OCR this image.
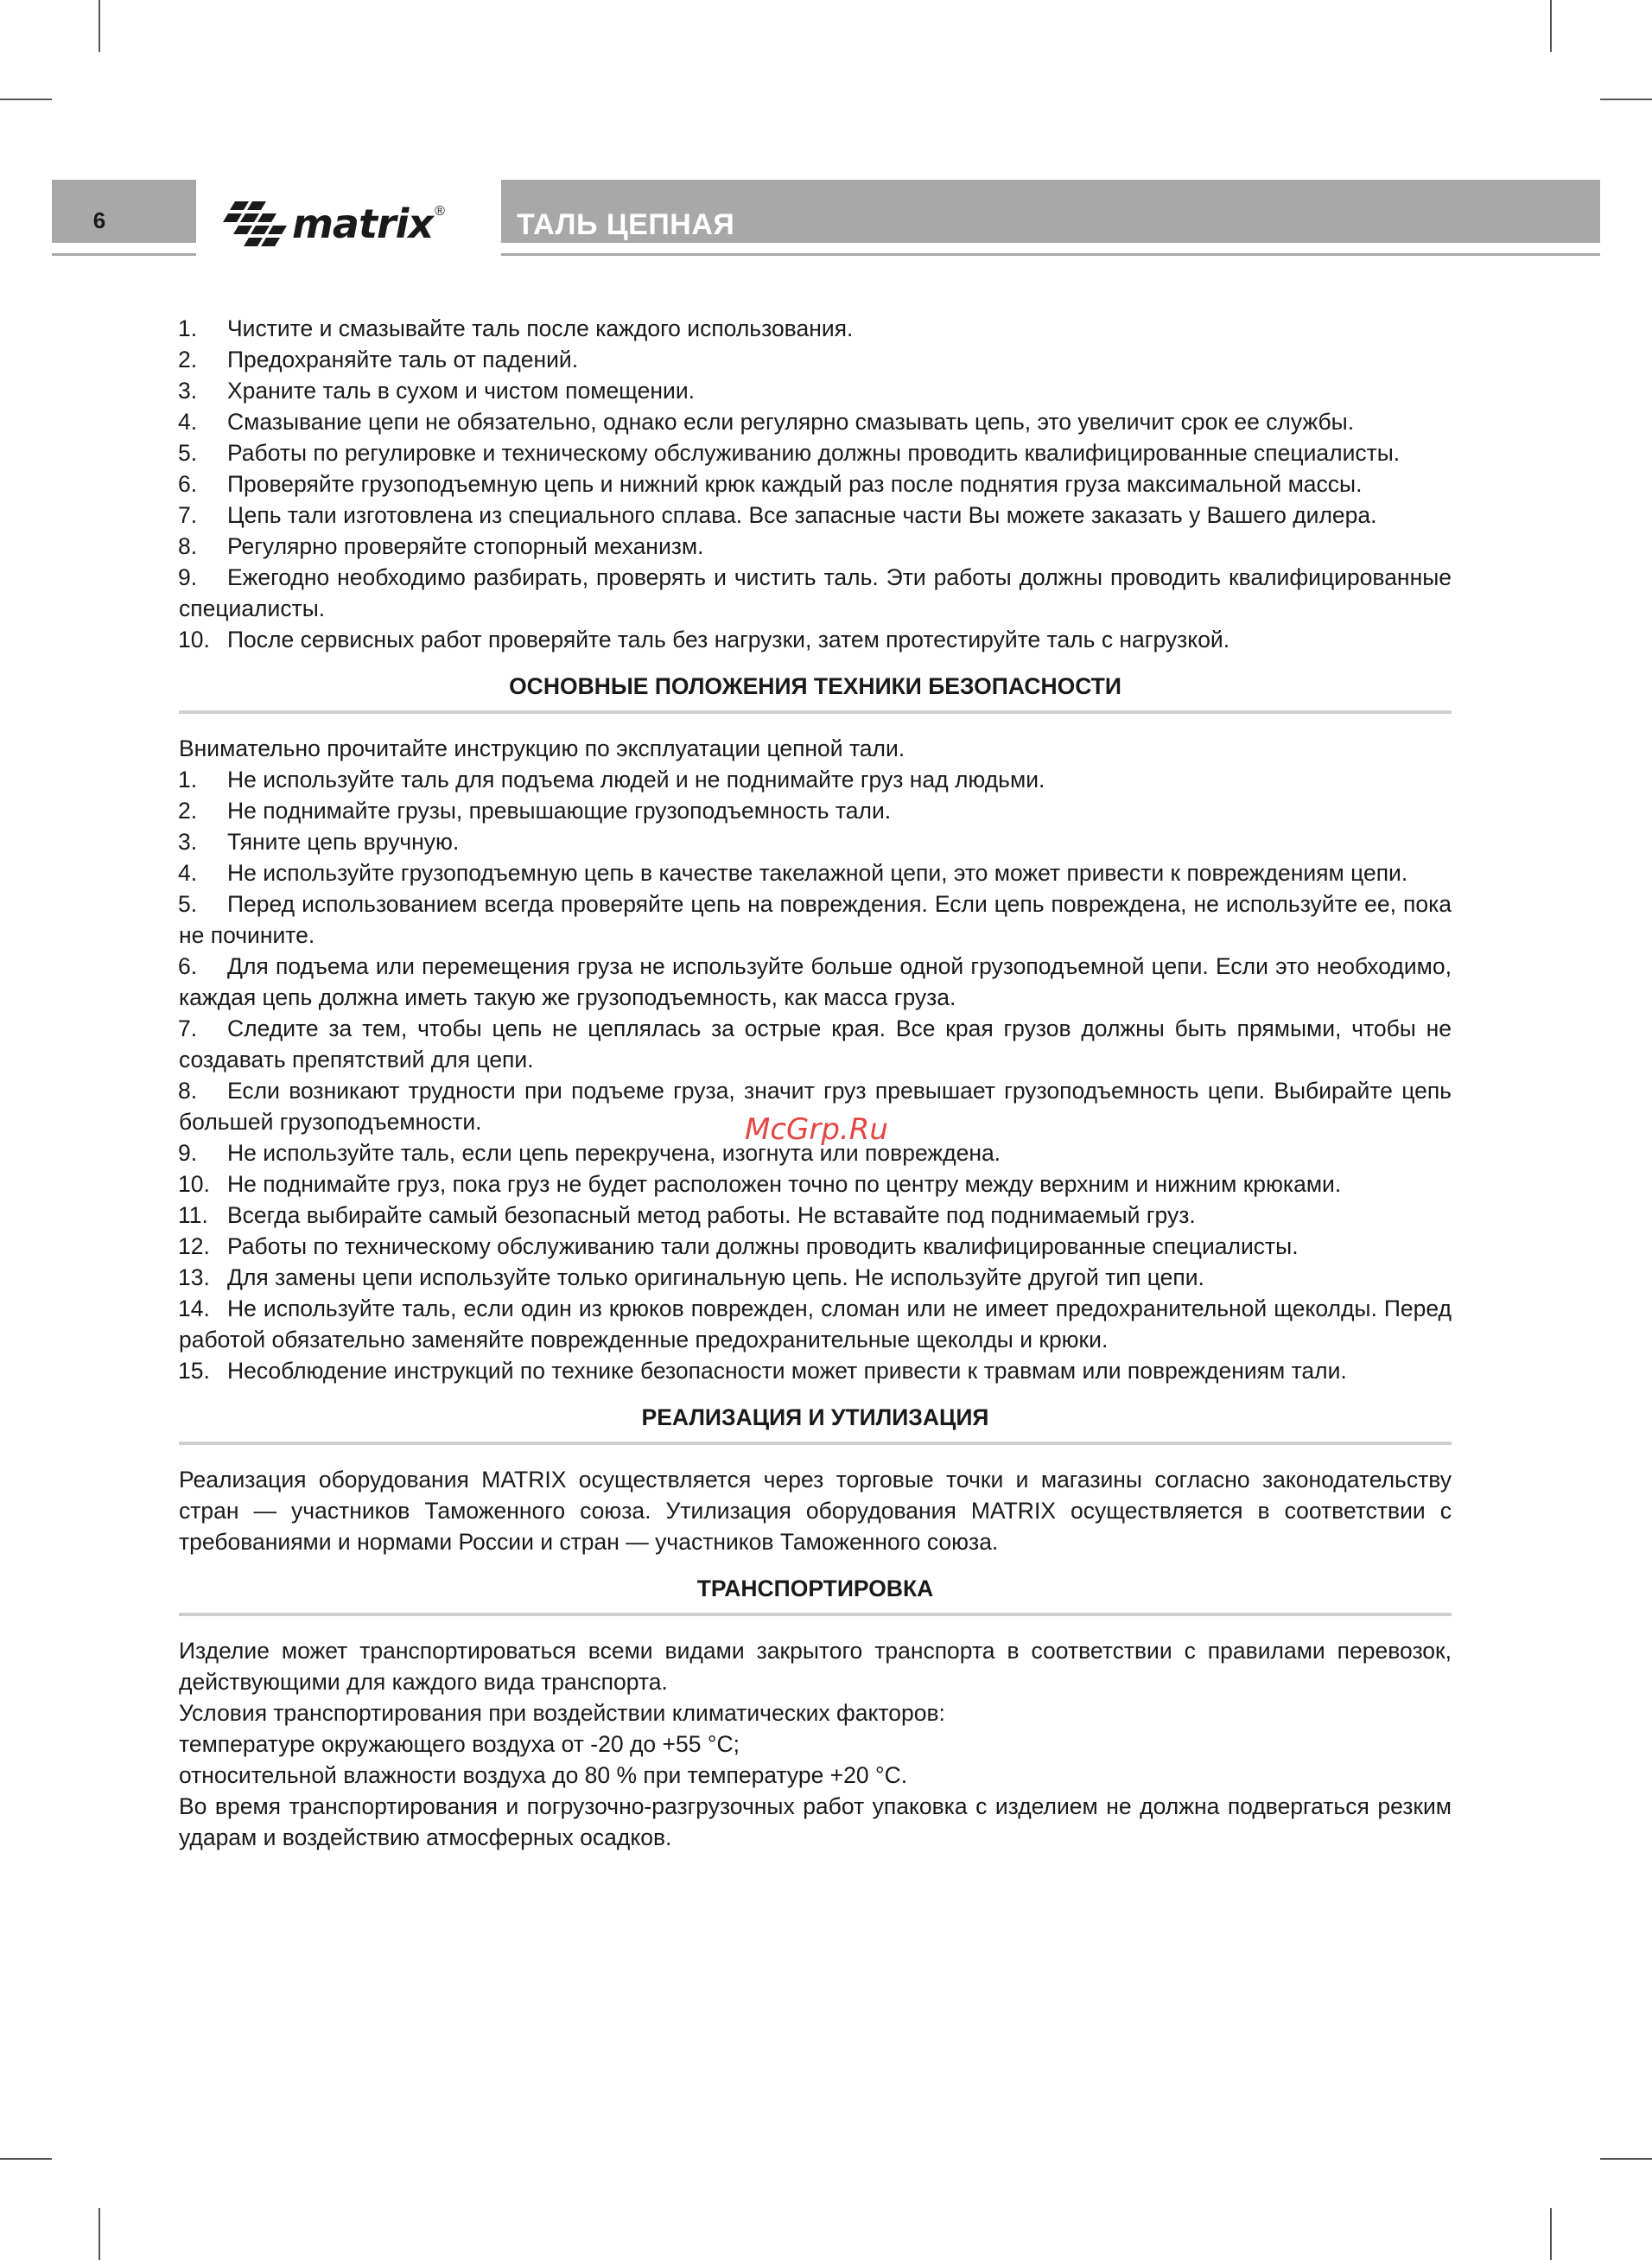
6	matrix ® ТАЛЬ ЦЕПНАЯ
McGrp.Ru
1. Чистите и смазывайте таль после каждого использования.
2. Предохраняйте таль от падений.
3. Храните таль в сухом и чистом помещении.
4. Смазывание цепи не обязательно, однако если регулярно смазывать цепь, это увеличит срок ее службы.
5. Работы по регулировке и техническому обслуживанию должны проводить квалифицированные специалисты.
6. Проверяйте грузоподъемную цепь и нижний крюк каждый раз после поднятия груза максимальной массы.
7. Цепь тали изготовлена из специального сплава. Все запасные части Вы можете заказать у Вашего дилера.
8. Регулярно проверяйте стопорный механизм.
9. Ежегодно необходимо разбирать, проверять и чистить таль. Эти работы должны проводить квалифицированные специалисты.
10. После сервисных работ проверяйте таль без нагрузки, затем протестируйте таль с нагрузкой.
ОСНОВНЫЕ ПОЛОЖЕНИЯ ТЕХНИКИ БЕЗОПАСНОСТИ
Внимательно прочитайте инструкцию по эксплуатации цепной тали.
1. Не используйте таль для подъема людей и не поднимайте груз над людьми.
2. Не поднимайте грузы, превышающие грузоподъемность тали.
3. Тяните цепь вручную.
4. Не используйте грузоподъемную цепь в качестве такелажной цепи, это может привести к повреждениям цепи.
5. Перед использованием всегда проверяйте цепь на повреждения. Если цепь повреждена, не используйте ее, пока не почините.
6. Для подъема или перемещения груза не используйте больше одной грузоподъемной цепи. Если это необходимо, каждая цепь должна иметь такую же грузоподъемность, как масса груза.
7. Следите за тем, чтобы цепь не цеплялась за острые края. Все края грузов должны быть прямыми, чтобы не создавать препятствий для цепи.
8. Если возникают трудности при подъеме груза, значит груз превышает грузоподъемность цепи. Выбирайте цепь большей грузоподъемности.
9. Не используйте таль, если цепь перекручена, изогнута или повреждена.
10. Не поднимайте груз, пока груз не будет расположен точно по центру между верхним и нижним крюками.
11. Всегда выбирайте самый безопасный метод работы. Не вставайте под поднимаемый груз.
12. Работы по техническому обслуживанию тали должны проводить квалифицированные специалисты.
13. Для замены цепи используйте только оригинальную цепь. Не используйте другой тип цепи.
14. Не используйте таль, если один из крюков поврежден, сломан или не имеет предохранительной щеколды. Перед работой обязательно заменяйте поврежденные предохранительные щеколды и крюки.
15. Несоблюдение инструкций по технике безопасности может привести к травмам или повреждениям тали.
РЕАЛИЗАЦИЯ И УТИЛИЗАЦИЯ
Реализация оборудования MATRIX осуществляется через торговые точки и магазины согласно законодательству стран — участников Таможенного союза. Утилизация оборудования MATRIX осуществляется в соответствии с требованиями и нормами России и стран — участников Таможенного союза.
ТРАНСПОРТИРОВКА
Изделие может транспортироваться всеми видами закрытого транспорта в соответствии с правилами перевозок, действующими для каждого вида транспорта.
Условия транспортирования при воздействии климатических факторов:
температуре окружающего воздуха от -20 до +55 °С;
относительной влажности воздуха до 80 % при температуре +20 °С.
Во время транспортирования и погрузочно-разгрузочных работ упаковка с изделием не должна подвергаться резким ударам и воздействию атмосферных осадков.
